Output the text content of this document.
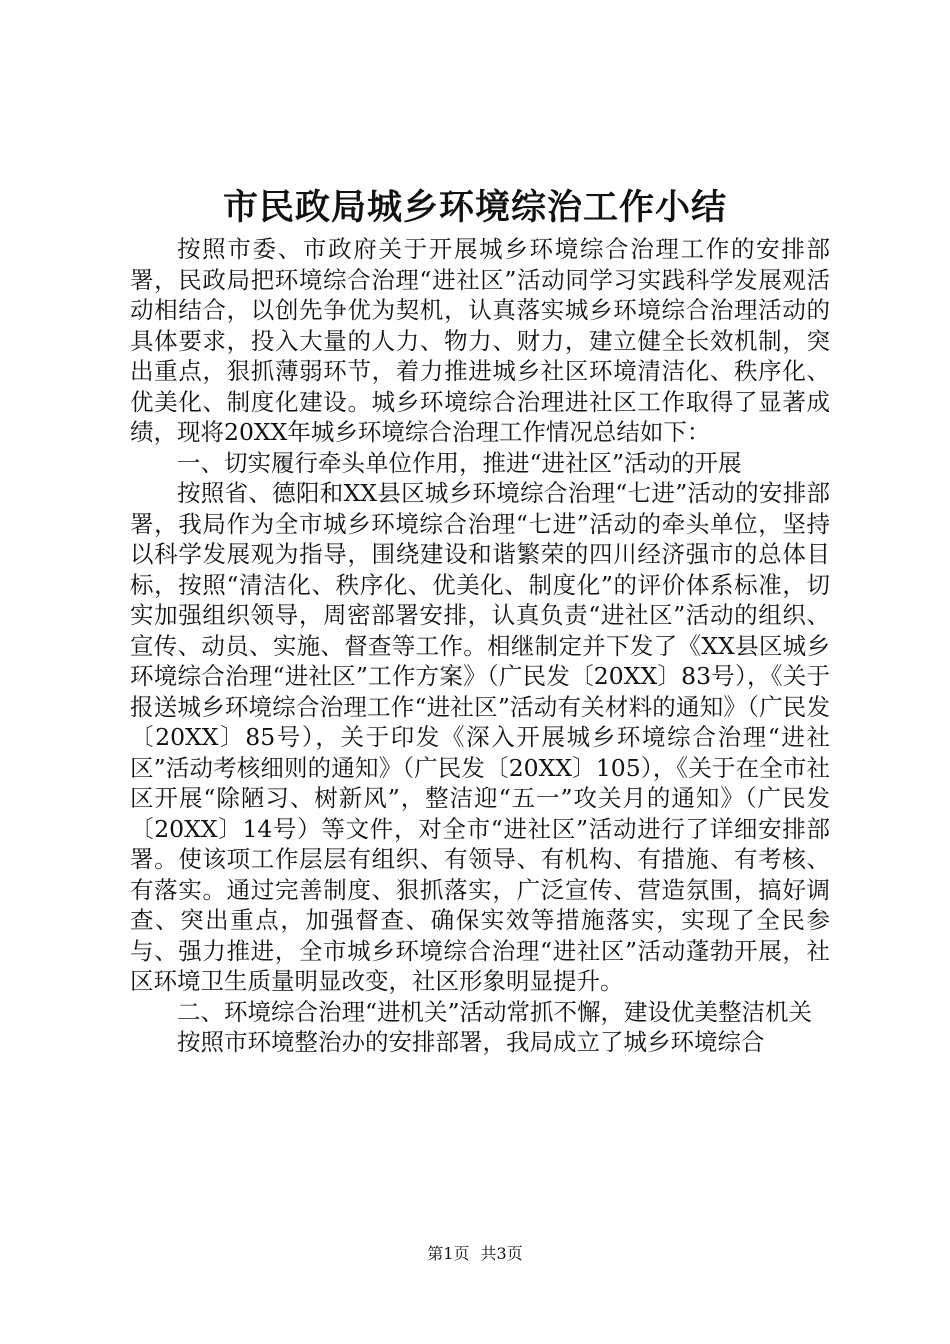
市民政局城乡环境综治工作小结

按照市委、市政府关于开展城乡环境综合治理工作的安排部署，民政局把环境综合治理“进社区”活动同学习实践科学发展观活动相结合，以创先争优为契机，认真落实城乡环境综合治理活动的具体要求，投入大量的人力、物力、财力，建立健全长效机制，突出重点，狠抓薄弱环节，着力推进城乡社区环境清洁化、秩序化、优美化、制度化建设。城乡环境综合治理进社区工作取得了显著成绩，现将20XX年城乡环境综合治理工作情况总结如下：

一、切实履行牵头单位作用，推进“进社区”活动的开展

按照省、德阳和XX县区城乡环境综合治理“七进”活动的安排部署，我局作为全市城乡环境综合治理“七进”活动的牵头单位，坚持以科学发展观为指导，围绕建设和谐繁荣的四川经济强市的总体目标，按照“清洁化、秩序化、优美化、制度化”的评价体系标准，切实加强组织领导，周密部署安排，认真负责“进社区”活动的组织、宣传、动员、实施、督查等工作。相继制定并下发了《XX县区城乡环境综合治理“进社区”工作方案》（广民发〔20XX〕83号），《关于报送城乡环境综合治理工作“进社区”活动有关材料的通知》（广民发〔20XX〕85号），关于印发《深入开展城乡环境综合治理“进社区”活动考核细则的通知》（广民发〔20XX〕105），《关于在全市社区开展“除陋习、树新风”，整洁迎“五一”攻关月的通知》（广民发〔20XX〕14号）等文件，对全市“进社区”活动进行了详细安排部署。使该项工作层层有组织、有领导、有机构、有措施、有考核、有落实。通过完善制度、狠抓落实，广泛宣传、营造氛围，搞好调查、突出重点，加强督查、确保实效等措施落实，实现了全民参与、强力推进，全市城乡环境综合治理“进社区”活动蓬勃开展，社区环境卫生质量明显改变，社区形象明显提升。

二、环境综合治理“进机关”活动常抓不懈，建设优美整洁机关

按照市环境整治办的安排部署，我局成立了城乡环境综合

第1页 共3页
